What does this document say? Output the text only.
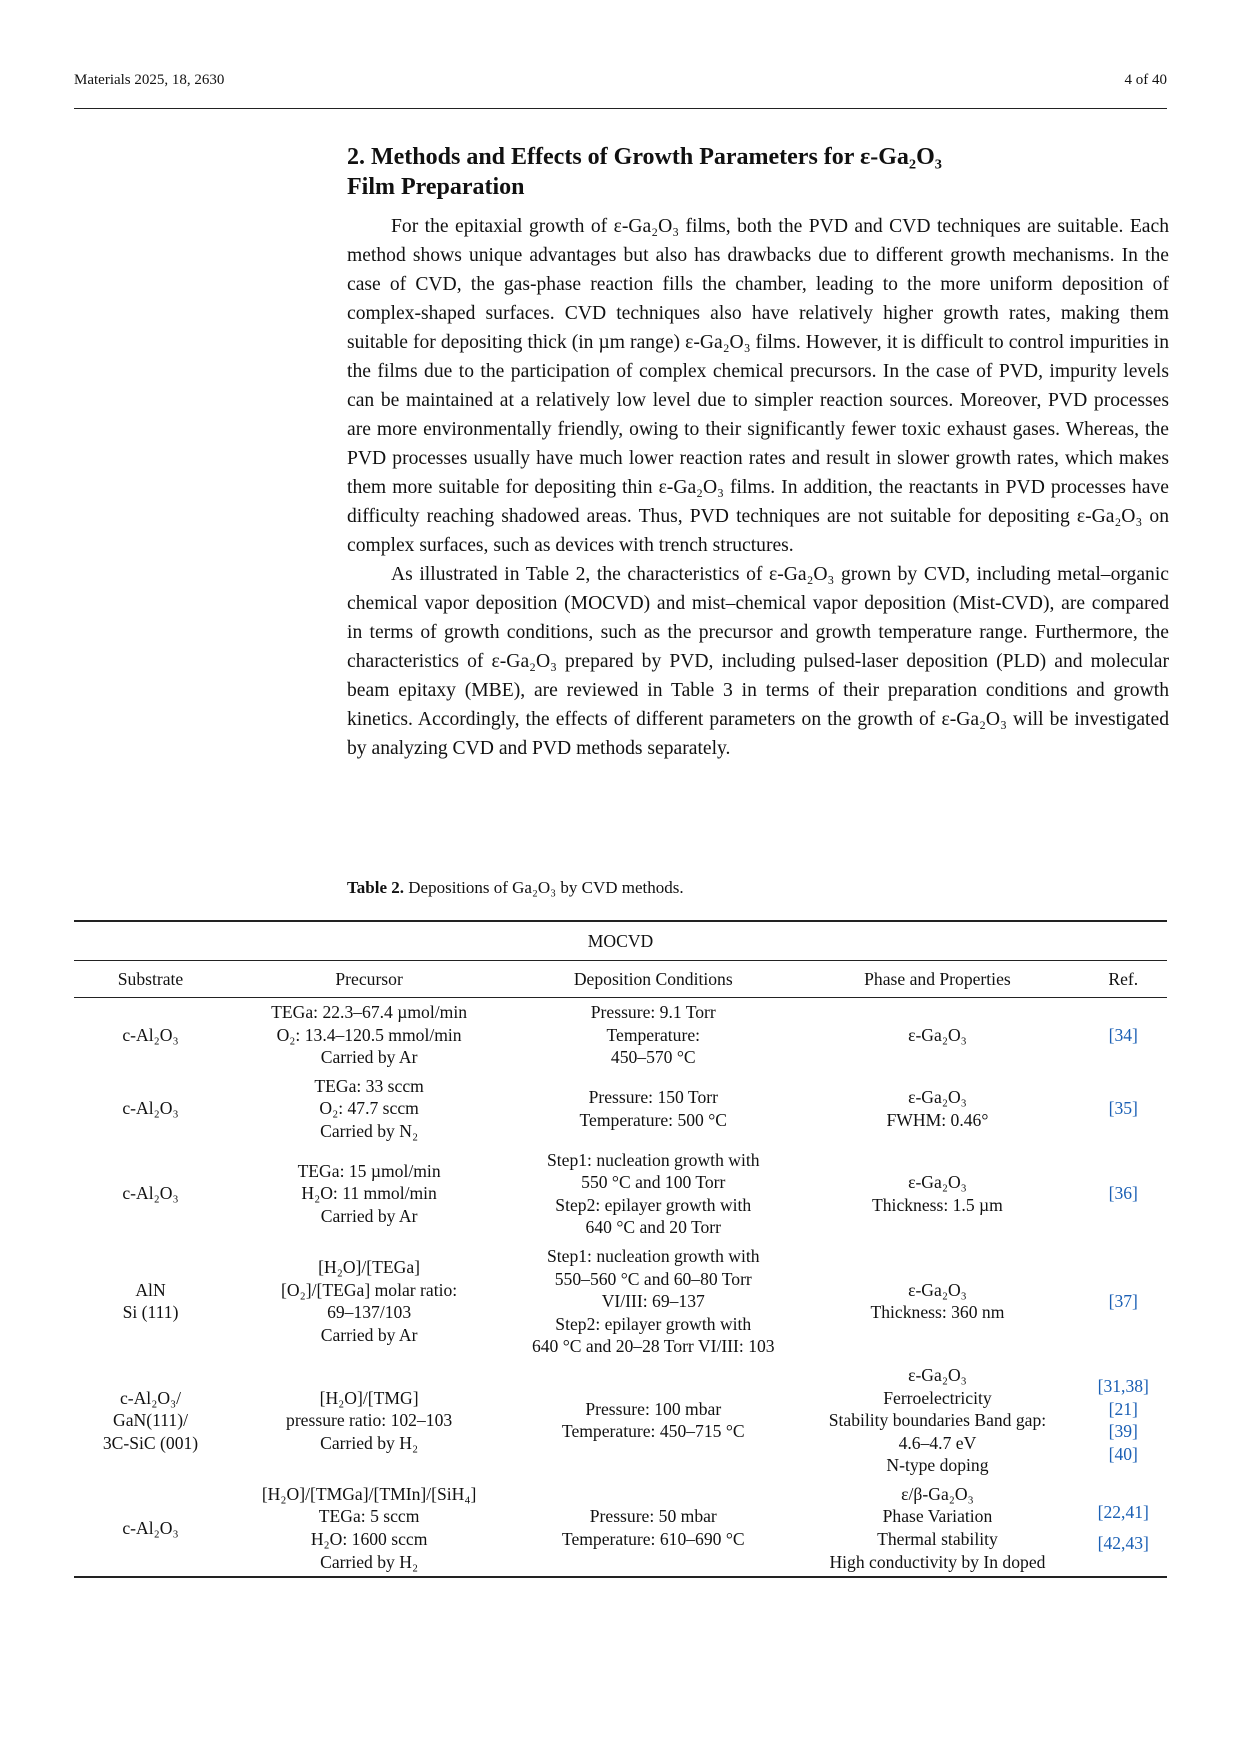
Materials 2025, 18, 2630	4 of 40
2. Methods and Effects of Growth Parameters for ε-Ga₂O₃
Film Preparation

For the epitaxial growth of ε-Ga₂O₃ films, both the PVD and CVD techniques are suitable. Each method shows unique advantages but also has drawbacks due to different growth mechanisms. In the case of CVD, the gas-phase reaction fills the chamber, leading to the more uniform deposition of complex-shaped surfaces. CVD techniques also have relatively higher growth rates, making them suitable for depositing thick (in µm range) ε-Ga₂O₃ films. However, it is difficult to control impurities in the films due to the participation of complex chemical precursors. In the case of PVD, impurity levels can be maintained at a relatively low level due to simpler reaction sources. Moreover, PVD processes are more environmentally friendly, owing to their significantly fewer toxic exhaust gases. Whereas, the PVD processes usually have much lower reaction rates and result in slower growth rates, which makes them more suitable for depositing thin ε-Ga₂O₃ films. In addition, the reactants in PVD processes have difficulty reaching shadowed areas. Thus, PVD techniques are not suitable for depositing ε-Ga₂O₃ on complex surfaces, such as devices with trench structures.

As illustrated in Table 2, the characteristics of ε-Ga₂O₃ grown by CVD, including metal–organic chemical vapor deposition (MOCVD) and mist–chemical vapor deposition (Mist-CVD), are compared in terms of growth conditions, such as the precursor and growth temperature range. Furthermore, the characteristics of ε-Ga₂O₃ prepared by PVD, including pulsed-laser deposition (PLD) and molecular beam epitaxy (MBE), are reviewed in Table 3 in terms of their preparation conditions and growth kinetics. Accordingly, the effects of different parameters on the growth of ε-Ga₂O₃ will be investigated by analyzing CVD and PVD methods separately.

Table 2. Depositions of Ga₂O₃ by CVD methods.
MOCVD				
Substrate	Precursor	Deposition Conditions	Phase and Properties	Ref.

c-Al₂O₃	TEGa: 22.3–67.4 µmol/min
O₂: 13.4–120.5 mmol/min
Carried by Ar	Pressure: 9.1 Torr
Temperature:
450–570 °C	ε-Ga₂O₃	[34]

c-Al₂O₃	TEGa: 33 sccm
O₂: 47.7 sccm
Carried by N₂	Pressure: 150 Torr
Temperature: 500 °C	ε-Ga₂O₃
FWHM: 0.46°	[35]

c-Al₂O₃	TEGa: 15 µmol/min
H₂O: 11 mmol/min
Carried by Ar	Step1: nucleation growth with
550 °C and 100 Torr
Step2: epilayer growth with
640 °C and 20 Torr	ε-Ga₂O₃
Thickness: 1.5 µm	[36]

AlN
Si (111)	[H₂O]/[TEGa]
[O₂]/[TEGa] molar ratio:
69–137/103
Carried by Ar	Step1: nucleation growth with
550–560 °C and 60–80 Torr
VI/III: 69–137
Step2: epilayer growth with
640 °C and 20–28 Torr VI/III: 103	ε-Ga₂O₃
Thickness: 360 nm	[37]

c-Al₂O₃/
GaN(111)/
3C-SiC (001)	[H₂O]/[TMG]
pressure ratio: 102–103
Carried by H₂	Pressure: 100 mbar
Temperature: 450–715 °C	ε-Ga₂O₃
Ferroelectricity
Stability boundaries Band gap:
4.6–4.7 eV
N-type doping	[31,38]
[21]
[39]
[40]

c-Al₂O₃	[H₂O]/[TMGa]/[TMIn]/[SiH₄]
TEGa: 5 sccm
H₂O: 1600 sccm
Carried by H₂	Pressure: 50 mbar
Temperature: 610–690 °C	ε/β-Ga₂O₃
Phase Variation
Thermal stability
High conductivity by In doped	[22,41]
[42,43]
